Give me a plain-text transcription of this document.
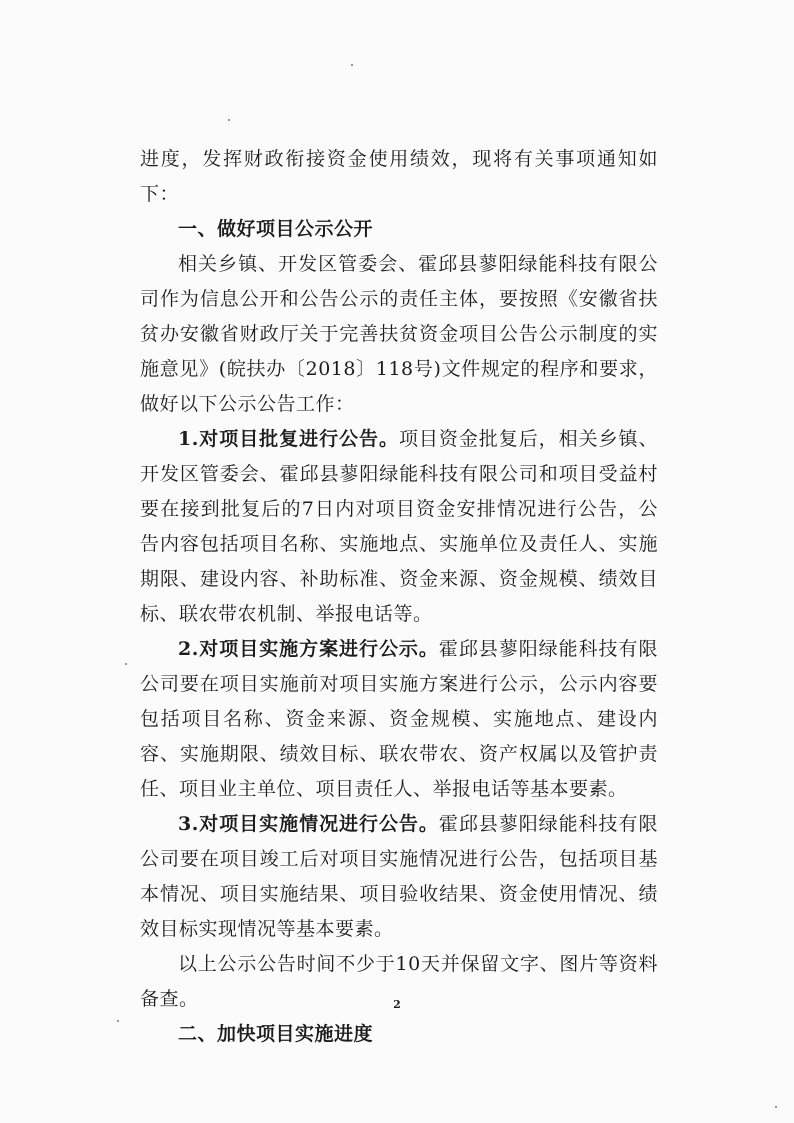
进度，发挥财政衔接资金使用绩效，现将有关事项通知如下：

一、做好项目公示公开

相关乡镇、开发区管委会、霍邱县蓼阳绿能科技有限公司作为信息公开和公告公示的责任主体，要按照《安徽省扶贫办安徽省财政厅关于完善扶贫资金项目公告公示制度的实施意见》(皖扶办〔2018〕118号)文件规定的程序和要求，做好以下公示公告工作：

1.对项目批复进行公告。项目资金批复后，相关乡镇、开发区管委会、霍邱县蓼阳绿能科技有限公司和项目受益村要在接到批复后的7日内对项目资金安排情况进行公告，公告内容包括项目名称、实施地点、实施单位及责任人、实施期限、建设内容、补助标准、资金来源、资金规模、绩效目标、联农带农机制、举报电话等。

2.对项目实施方案进行公示。霍邱县蓼阳绿能科技有限公司要在项目实施前对项目实施方案进行公示，公示内容要包括项目名称、资金来源、资金规模、实施地点、建设内容、实施期限、绩效目标、联农带农、资产权属以及管护责任、项目业主单位、项目责任人、举报电话等基本要素。

3.对项目实施情况进行公告。霍邱县蓼阳绿能科技有限公司要在项目竣工后对项目实施情况进行公告，包括项目基本情况、项目实施结果、项目验收结果、资金使用情况、绩效目标实现情况等基本要素。

以上公示公告时间不少于10天并保留文字、图片等资料备查。

二、加快项目实施进度

2
